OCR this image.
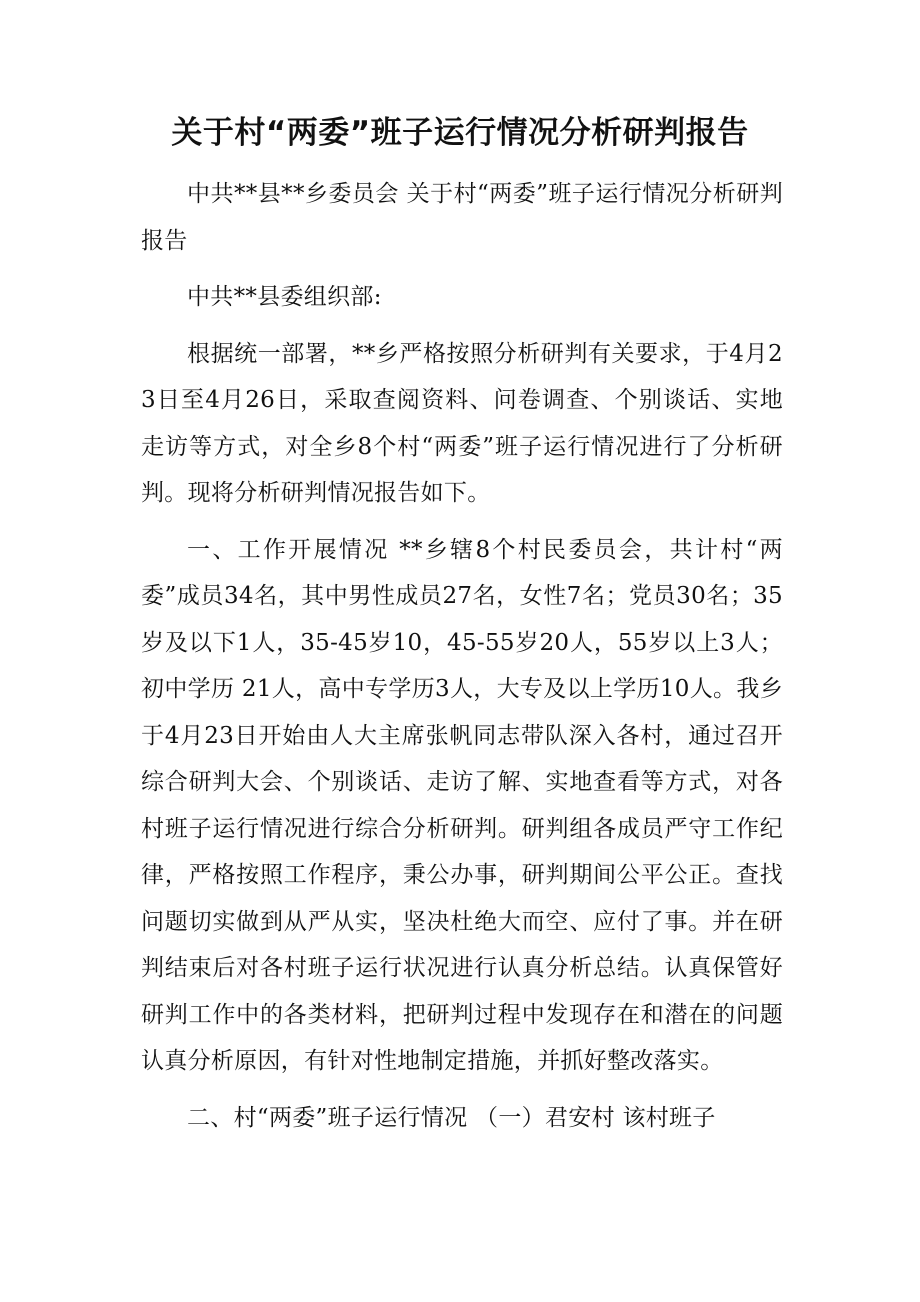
关于村“两委”班子运行情况分析研判报告

中共**县**乡委员会 关于村“两委”班子运行情况分析研判报告

中共**县委组织部:

根据统一部署，**乡严格按照分析研判有关要求，于4月23日至4月26日，采取查阅资料、问卷调查、个别谈话、实地走访等方式，对全乡8个村“两委”班子运行情况进行了分析研判。现将分析研判情况报告如下。

一、工作开展情况 **乡辖8个村民委员会，共计村“两委”成员34名，其中男性成员27名，女性7名；党员30名；35岁及以下1人，35-45岁10，45-55岁20人，55岁以上3人；初中学历 21人，高中专学历3人，大专及以上学历10人。我乡于4月23日开始由人大主席张帆同志带队深入各村，通过召开综合研判大会、个别谈话、走访了解、实地查看等方式，对各村班子运行情况进行综合分析研判。研判组各成员严守工作纪律，严格按照工作程序，秉公办事，研判期间公平公正。查找问题切实做到从严从实，坚决杜绝大而空、应付了事。并在研判结束后对各村班子运行状况进行认真分析总结。认真保管好研判工作中的各类材料，把研判过程中发现存在和潜在的问题认真分析原因，有针对性地制定措施，并抓好整改落实。

二、村“两委”班子运行情况 （一）君安村 该村班子
